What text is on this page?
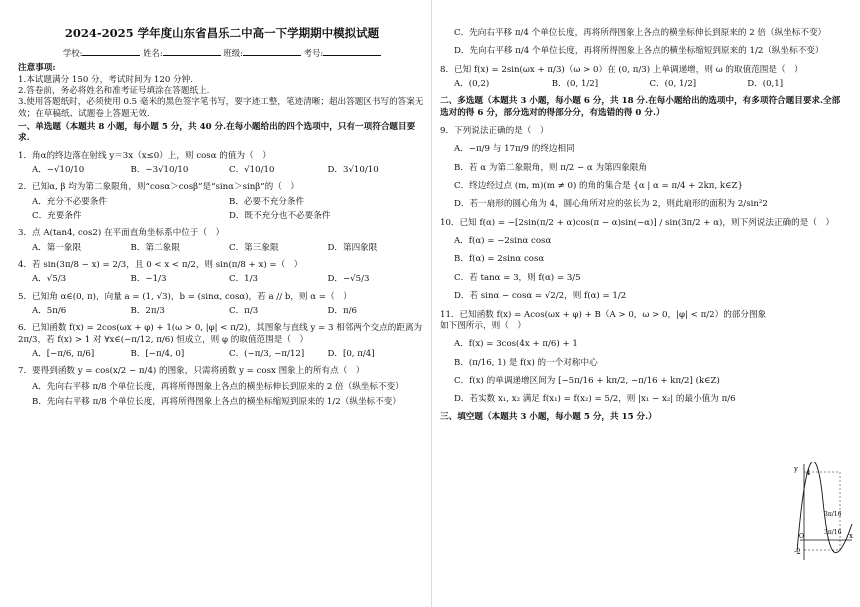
2024-2025 学年度山东省昌乐二中高一下学期期中模拟试题
学校:	姓名:	班级:	考号:
注意事项:
1.本试题满分 150 分，考试时间为 120 分钟.
2.答卷前，务必将姓名和准考证号填涂在答题纸上.
3.使用答题纸时，必须使用 0.5 毫米的黑色签字笔书写，要字迹工整，笔迹清晰；超出答题区书写的答案无效；在草稿纸、试题卷上答题无效.
一、单选题（本题共 8 小题，每小题 5 分，共 40 分.在每小题给出的四个选项中，只有一项符合题目要求.
1．角α的终边落在射线 y＝3x（x≤0）上，则 cosα 的值为（　）
A．−√10/10	B．−3√10/10	C．√10/10	D．3√10/10
2．已知α, β 均为第二象限角，则“cosα＞cosβ”是“sinα＞sinβ”的（　）
A．充分不必要条件	B．必要不充分条件
C．充要条件	D．既不充分也不必要条件
3．点 A(tan4, cos2) 在平面直角坐标系中位于（　）
A．第一象限	B．第二象限	C．第三象限	D．第四象限
4．若 sin(3π/8 − x) = 2/3，且 0 < x < π/2，则 sin(π/8 + x) =（　）
A．√5/3	B．−1/3	C．1/3	D．−√5/3
5．已知角 α∈(0, π)，向量 a = (1, √3)，b = (sinα, cosα)，若 a // b，则 α =（　）
A．5π/6	B．2π/3	C．π/3	D．π/6
6．已知函数 f(x) = 2cos(ωx + φ) + 1(ω > 0, |φ| < π/2)，其图象与直线 y = 3 相邻两个交点的距离为 2π/3，若 f(x) > 1 对 ∀x∈(−π/12, π/6) 恒成立，则 φ 的取值范围是（　）
A．[−π/6, π/6]	B．[−π/4, 0]	C．(−π/3, −π/12]	D．[0, π/4]
7．要得到函数 y = cos(x/2 − π/4) 的图象，只需将函数 y = cosx 图象上的所有点（　）
A．先向右平移 π/8 个单位长度，再将所得图象上各点的横坐标伸长到原来的 2 倍（纵坐标不变）
B．先向右平移 π/8 个单位长度，再将所得图象上各点的横坐标缩短到原来的 1/2（纵坐标不变）
C．先向右平移 π/4 个单位长度，再将所得图象上各点的横坐标伸长到原来的 2 倍（纵坐标不变）
D．先向右平移 π/4 个单位长度，再将所得图象上各点的横坐标缩短到原来的 1/2（纵坐标不变）
8．已知 f(x) = 2sin(ωx + π/3)（ω > 0）在 (0, π/3) 上单调递增，则 ω 的取值范围是（　）
A．(0,2)	B．(0, 1/2]	C．(0, 1/2]	D．(0,1]
二、多选题（本题共 3 小题，每小题 6 分，共 18 分.在每小题给出的选项中，有多项符合题目要求.全部选对的得 6 分，部分选对的得部分分，有选错的得 0 分.）
9．下列说法正确的是（　）
A．−π/9 与 17π/9 的终边相同
B．若 α 为第二象限角，则 π/2 − α 为第四象限角
C．终边经过点 (m, m)(m ≠ 0) 的角的集合是 {α | α = π/4 + 2kπ, k∈Z}
D．若一扇形的圆心角为 4，圆心角所对应的弦长为 2，则此扇形的面积为 2/sin²2
10．已知 f(α) = −[2sin(π/2 + α)cos(π − α)sin(−α)] / sin(3π/2 + α)，则下列说法正确的是（　）
A．f(α) = −2sinα cosα
B．f(α) = 2sinα cosα
C．若 tanα = 3，则 f(α) = 3/5
D．若 sinα − cosα = √2/2，则 f(α) = 1/2
11．已知函数 f(x) = Acos(ωx + φ) + B（A > 0，ω > 0，|φ| < π/2）的部分图象如下图所示，则（　）
A．f(x) = 3cos(4x + π/6) + 1
B．(π/16, 1) 是 f(x) 的一个对称中心
C．f(x) 的单调递增区间为 [−5π/16 + kπ/2, −π/16 + kπ/2] (k∈Z)
D．若实数 x₁, x₂ 满足 f(x₁) = f(x₂) = 5/2，则 |x₁ − x₂| 的最小值为 π/6
三、填空题（本题共 3 小题，每小题 5 分，共 15 分.）
y 4
-2
x
O
3π/16
3π/16
